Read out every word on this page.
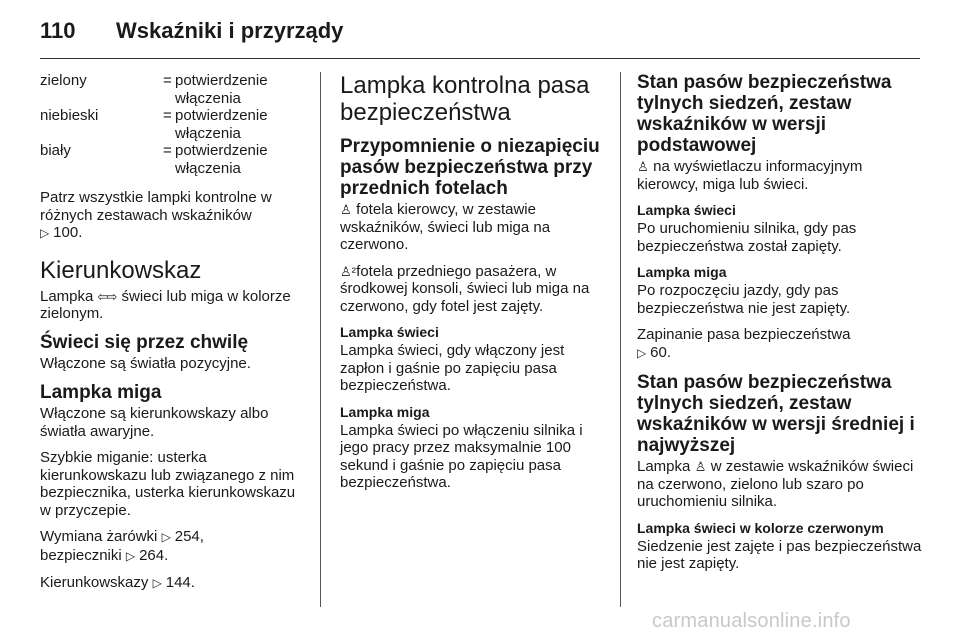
110 Wskaźniki i przyrządy
zielony	= potwierdzenie włączenia
niebieski	= potwierdzenie włączenia
biały	= potwierdzenie włączenia

Patrz wszystkie lampki kontrolne w różnych zestawach wskaźników
▷ 100.

Kierunkowskaz

Lampka ⇦⇨ świeci lub miga w kolorze zielonym.

Świeci się przez chwilę

Włączone są światła pozycyjne.

Lampka miga

Włączone są kierunkowskazy albo światła awaryjne.

Szybkie miganie: usterka kierunkowskazu lub związanego z nim bezpiecznika, usterka kierunkowskazu w przyczepie.

Wymiana żarówki ▷ 254,
bezpieczniki ▷ 264.

Kierunkowskazy ▷ 144.

Lampka kontrolna pasa bezpieczeństwa
Przypomnienie o niezapięciu pasów bezpieczeństwa przy przednich fotelach

♙ fotela kierowcy, w zestawie wskaźników, świeci lub miga na czerwono.

♙² fotela przedniego pasażera, w środkowej konsoli, świeci lub miga na czerwono, gdy fotel jest zajęty.

Lampka świeci

Lampka świeci, gdy włączony jest zapłon i gaśnie po zapięciu pasa bezpieczeństwa.

Lampka miga

Lampka świeci po włączeniu silnika i jego pracy przez maksymalnie 100 sekund i gaśnie po zapięciu pasa bezpieczeństwa.

Stan pasów bezpieczeństwa tylnych siedzeń, zestaw wskaźników w wersji podstawowej

♙ na wyświetlaczu informacyjnym kierowcy, miga lub świeci.

Lampka świeci

Po uruchomieniu silnika, gdy pas bezpieczeństwa został zapięty.

Lampka miga

Po rozpoczęciu jazdy, gdy pas bezpieczeństwa nie jest zapięty.

Zapinanie pasa bezpieczeństwa
▷ 60.

Stan pasów bezpieczeństwa tylnych siedzeń, zestaw wskaźników w wersji średniej i najwyższej

Lampka ♙ w zestawie wskaźników świeci na czerwono, zielono lub szaro po uruchomieniu silnika.

Lampka świeci w kolorze czerwonym

Siedzenie jest zajęte i pas bezpieczeństwa nie jest zapięty.

carmanualsonline.info
